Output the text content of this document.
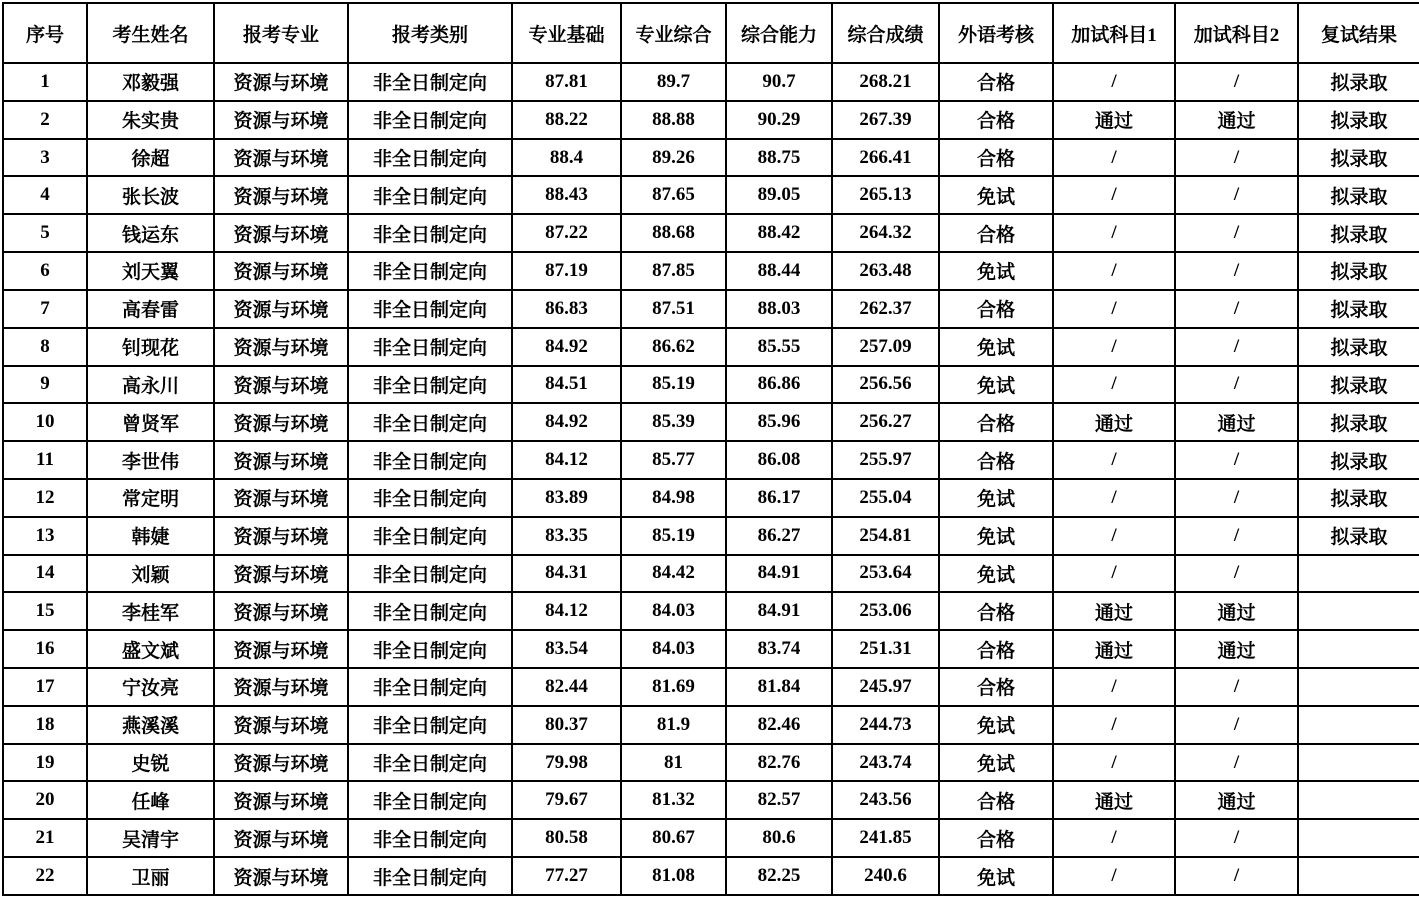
序号	考生姓名	报考专业	报考类别	专业基础	专业综合	综合能力	综合成绩	外语考核	加试科目1	加试科目2	复试结果
1	邓毅强	资源与环境	非全日制定向	87.81	89.7	90.7	268.21	合格	/	/	拟录取
2	朱实贵	资源与环境	非全日制定向	88.22	88.88	90.29	267.39	合格	通过	通过	拟录取
3	徐超	资源与环境	非全日制定向	88.4	89.26	88.75	266.41	合格	/	/	拟录取
4	张长波	资源与环境	非全日制定向	88.43	87.65	89.05	265.13	免试	/	/	拟录取
5	钱运东	资源与环境	非全日制定向	87.22	88.68	88.42	264.32	合格	/	/	拟录取
6	刘天翼	资源与环境	非全日制定向	87.19	87.85	88.44	263.48	免试	/	/	拟录取
7	高春雷	资源与环境	非全日制定向	86.83	87.51	88.03	262.37	合格	/	/	拟录取
8	钊现花	资源与环境	非全日制定向	84.92	86.62	85.55	257.09	免试	/	/	拟录取
9	高永川	资源与环境	非全日制定向	84.51	85.19	86.86	256.56	免试	/	/	拟录取
10	曾贤军	资源与环境	非全日制定向	84.92	85.39	85.96	256.27	合格	通过	通过	拟录取
11	李世伟	资源与环境	非全日制定向	84.12	85.77	86.08	255.97	合格	/	/	拟录取
12	常定明	资源与环境	非全日制定向	83.89	84.98	86.17	255.04	免试	/	/	拟录取
13	韩婕	资源与环境	非全日制定向	83.35	85.19	86.27	254.81	免试	/	/	拟录取
14	刘颖	资源与环境	非全日制定向	84.31	84.42	84.91	253.64	免试	/	/	
15	李桂军	资源与环境	非全日制定向	84.12	84.03	84.91	253.06	合格	通过	通过	
16	盛文斌	资源与环境	非全日制定向	83.54	84.03	83.74	251.31	合格	通过	通过	
17	宁汝亮	资源与环境	非全日制定向	82.44	81.69	81.84	245.97	合格	/	/	
18	燕溪溪	资源与环境	非全日制定向	80.37	81.9	82.46	244.73	免试	/	/	
19	史锐	资源与环境	非全日制定向	79.98	81	82.76	243.74	免试	/	/	
20	任峰	资源与环境	非全日制定向	79.67	81.32	82.57	243.56	合格	通过	通过	
21	吴清宇	资源与环境	非全日制定向	80.58	80.67	80.6	241.85	合格	/	/	
22	卫丽	资源与环境	非全日制定向	77.27	81.08	82.25	240.6	免试	/	/	
